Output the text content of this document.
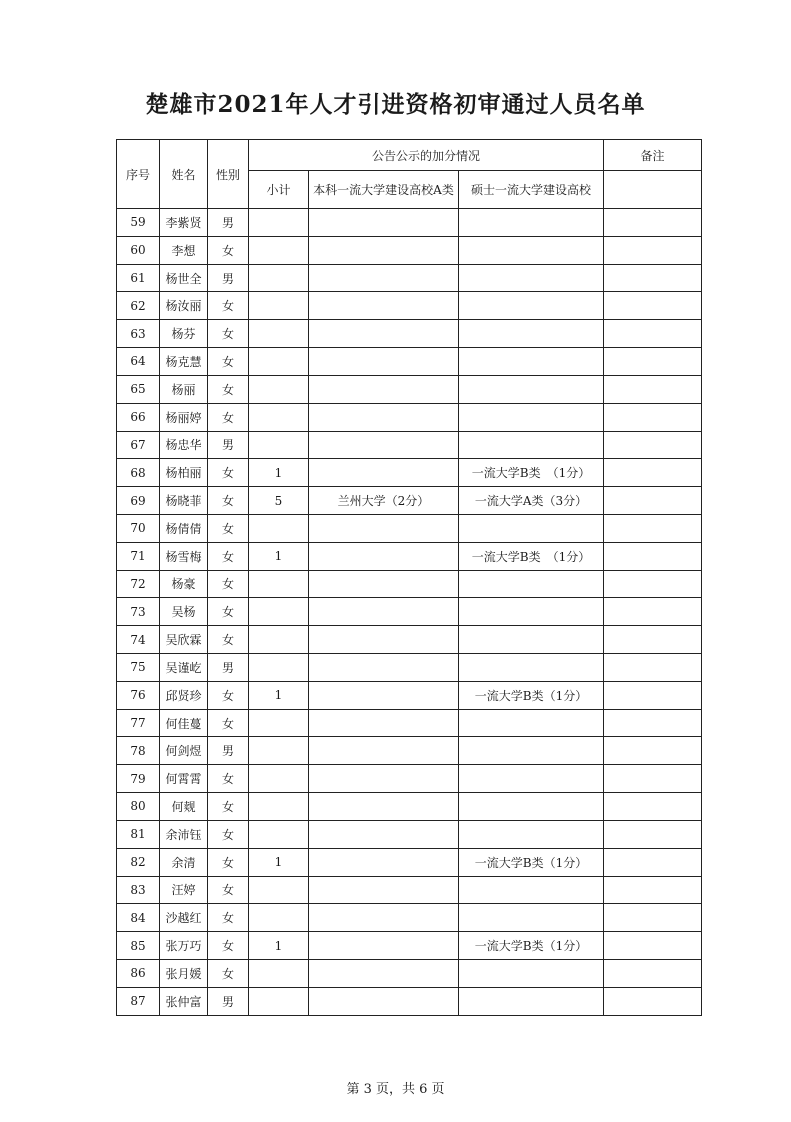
楚雄市2021年人才引进资格初审通过人员名单
序号	姓名	性别	公告公示的加分情况			备注
			小计	本科一流大学建设高校A类	硕士一流大学建设高校	
59	李紫贤	男				
60	李想	女				
61	杨世全	男				
62	杨汝丽	女				
63	杨芬	女				
64	杨克慧	女				
65	杨丽	女				
66	杨丽婷	女				
67	杨忠华	男				
68	杨柏丽	女	1		一流大学B类　（1分）	
69	杨晓菲	女	5	兰州大学（2分）	一流大学A类（3分）	
70	杨倩倩	女				
71	杨雪梅	女	1		一流大学B类　（1分）	
72	杨豪	女				
73	吴杨	女				
74	吴欣霖	女				
75	吴谨屹	男				
76	邱贤珍	女	1		一流大学B类（1分）	
77	何佳蔓	女				
78	何剑煜	男				
79	何霄霄	女				
80	何觌	女				
81	余沛钰	女				
82	余清	女	1		一流大学B类（1分）	
83	汪婷	女				
84	沙越红	女				
85	张万巧	女	1		一流大学B类（1分）	
86	张月媛	女				
87	张仲富	男				
第 3 页，共 6 页
